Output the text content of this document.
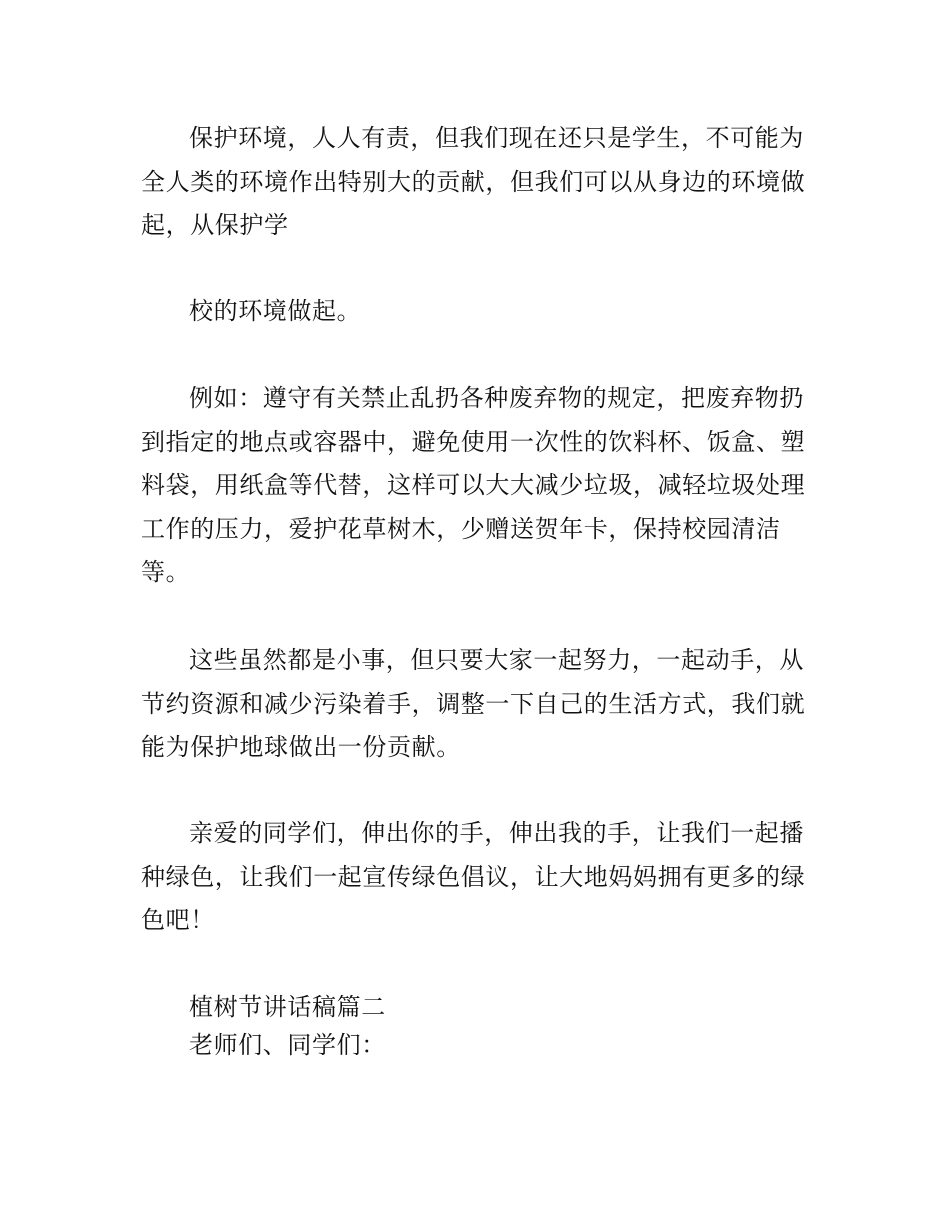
保护环境，人人有责，但我们现在还只是学生，不可能为
全人类的环境作出特别大的贡献，但我们可以从身边的环境做
起，从保护学
校的环境做起。
例如：遵守有关禁止乱扔各种废弃物的规定，把废弃物扔
到指定的地点或容器中，避免使用一次性的饮料杯、饭盒、塑
料袋，用纸盒等代替，这样可以大大减少垃圾，减轻垃圾处理
工作的压力，爱护花草树木，少赠送贺年卡，保持校园清洁
等。
这些虽然都是小事，但只要大家一起努力，一起动手，从
节约资源和减少污染着手，调整一下自己的生活方式，我们就
能为保护地球做出一份贡献。
亲爱的同学们，伸出你的手，伸出我的手，让我们一起播
种绿色，让我们一起宣传绿色倡议，让大地妈妈拥有更多的绿
色吧！
植树节讲话稿篇二
老师们、同学们：
